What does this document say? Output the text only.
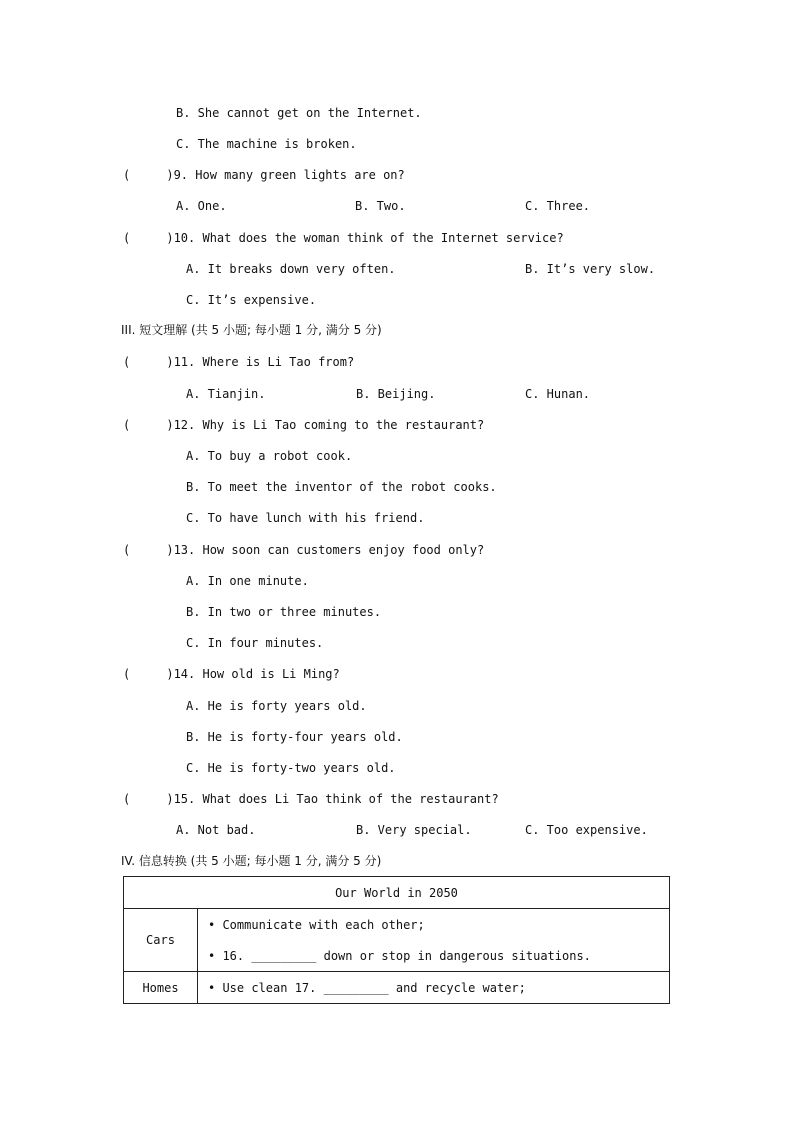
B. She cannot get on the Internet.
C. The machine is broken.
(     )9. How many green lights are on?
A. One.	B. Two.	C. Three.
(     )10. What does the woman think of the Internet service?
A. It breaks down very often.	B. It’s very slow.
C. It’s expensive.
III. 短文理解 (共 5 小题; 每小题 1 分, 满分 5 分)
(     )11. Where is Li Tao from?
A. Tianjin.	B. Beijing.	C. Hunan.
(     )12. Why is Li Tao coming to the restaurant?
A. To buy a robot cook.
B. To meet the inventor of the robot cooks.
C. To have lunch with his friend.
(     )13. How soon can customers enjoy food only?
A. In one minute.
B. In two or three minutes.
C. In four minutes.
(     )14. How old is Li Ming?
A. He is forty years old.
B. He is forty-four years old.
C. He is forty-two years old.
(     )15. What does Li Tao think of the restaurant?
A. Not bad.	B. Very special.	C. Too expensive.
IV. 信息转换 (共 5 小题; 每小题 1 分, 满分 5 分)
Our World in 2050	
Cars	• Communicate with each other;
• 16. _________ down or stop in dangerous situations.

Homes	• Use clean 17. _________ and recycle water;
